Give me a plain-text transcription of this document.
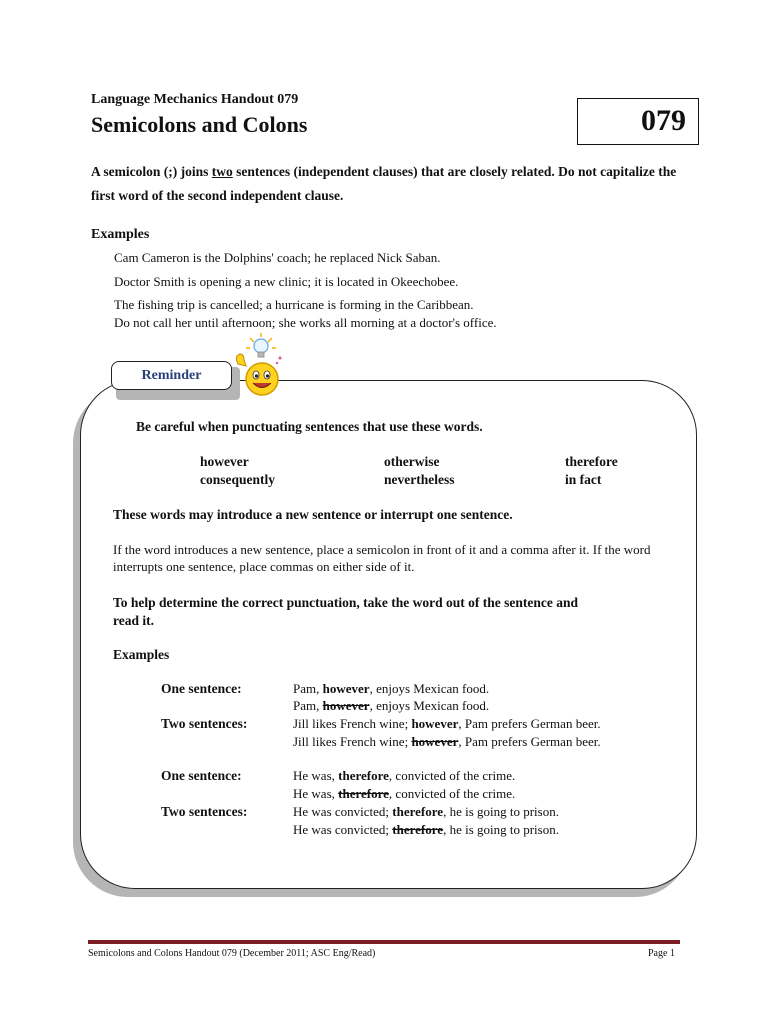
Language Mechanics Handout 079
Semicolons and Colons	079
A semicolon (;) joins two sentences (independent clauses) that are closely related. Do not capitalize the first word of the second independent clause.
Examples
Cam Cameron is the Dolphins' coach; he replaced Nick Saban.
Doctor Smith is opening a new clinic; it is located in Okeechobee.
The fishing trip is cancelled; a hurricane is forming in the Caribbean.
Do not call her until afternoon; she works all morning at a doctor's office.
Reminder
Be careful when punctuating sentences that use these words.
however	otherwise	therefore
consequently	nevertheless	in fact
These words may introduce a new sentence or interrupt one sentence.
If the word introduces a new sentence, place a semicolon in front of it and a comma after it. If the word interrupts one sentence, place commas on either side of it.
To help determine the correct punctuation, take the word out of the sentence and read it.
Examples
One sentence:	Pam, however, enjoys Mexican food.
Pam, however, enjoys Mexican food.
Two sentences:	Jill likes French wine; however, Pam prefers German beer.
Jill likes French wine; however, Pam prefers German beer.
One sentence:	He was, therefore, convicted of the crime.
He was, therefore, convicted of the crime.
Two sentences:	He was convicted; therefore, he is going to prison.
He was convicted; therefore, he is going to prison.
Semicolons and Colons Handout 079 (December 2011; ASC Eng/Read)	Page 1
